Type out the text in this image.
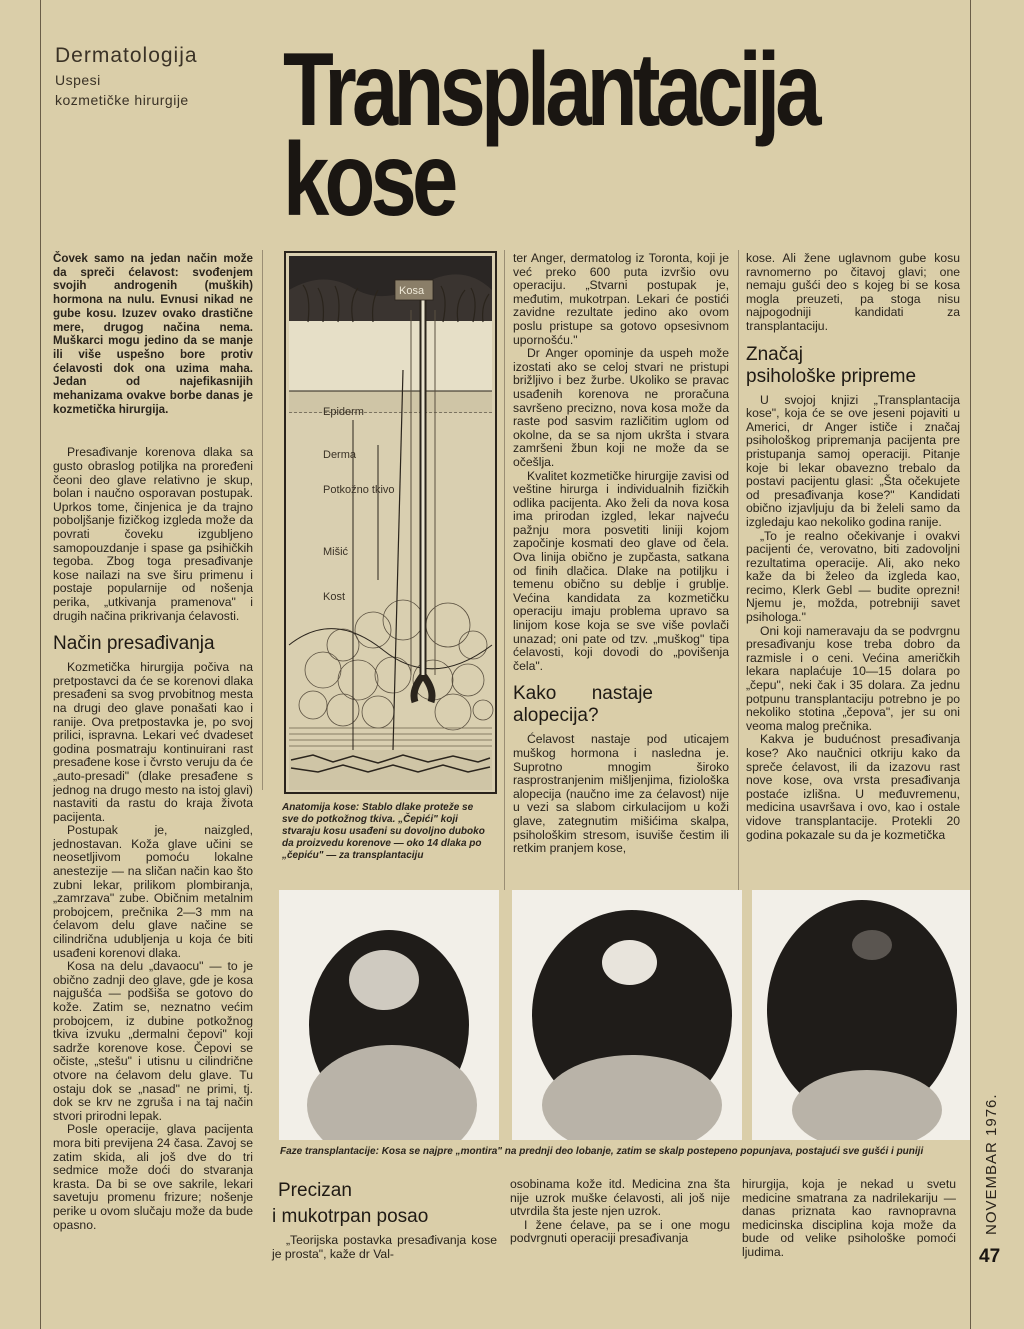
Dermatologija
Uspesi
kozmetičke hirurgije Transplantacija
kose

Čovek samo na jedan način može da spreči ćelavost: svođenjem svojih androgenih (muških) hormona na nulu. Evnusi nikad ne gube kosu. Izuzev ovako drastične mere, drugog načina nema. Muškarci mogu jedino da se manje ili više uspešno bore protiv ćelavosti dok ona uzima maha. Jedan od najefikasnijih mehanizama ovakve borbe danas je kozmetička hirurgija.

Presađivanje korenova dlaka sa gusto obraslog potiljka na proređeni čeoni deo glave relativno je skup, bolan i naučno osporavan postupak. Uprkos tome, činjenica je da trajno poboljšanje fizičkog izgleda može da povrati čoveku izgubljeno samopouzdanje i spase ga psihičkih tegoba. Zbog toga presađivanje kose nailazi na sve širu primenu i postaje popularnije od nošenja perika, „utkivanja pramenova" i drugih načina prikrivanja ćelavosti.

Način presađivanja

Kozmetička hirurgija počiva na pretpostavci da će se korenovi dlaka presađeni sa svog prvobitnog mesta na drugi deo glave ponašati kao i ranije. Ova pretpostavka je, po svoj prilici, ispravna. Lekari već dvadeset godina posmatraju kontinuirani rast presađene kose i čvrsto veruju da će „auto-presadi" (dlake presađene s jednog na drugo mesto na istoj glavi) nastaviti da rastu do kraja života pacijenta.

Postupak je, naizgled, jednostavan. Koža glave učini se neosetljivom pomoću lokalne anestezije — na sličan način kao što zubni lekar, prilikom plombiranja, „zamrzava" zube. Običnim metalnim probojcem, prečnika 2—3 mm na ćelavom delu glave načine se cilindrična udubljenja u koja će biti usađeni korenovi dlaka.

Kosa na delu „davaocu" — to je obično zadnji deo glave, gde je kosa najgušća — podšiša se gotovo do kože. Zatim se, neznatno većim probojcem, iz dubine potkožnog tkiva izvuku „dermalni čepovi" koji sadrže korenove kose. Čepovi se očiste, „stešu" i utisnu u cilindrične otvore na ćelavom delu glave. Tu ostaju dok se „nasad" ne primi, tj. dok se krv ne zgruša i na taj način stvori prirodni lepak.

Posle operacije, glava pacijenta mora biti previjena 24 časa. Zavoj se zatim skida, ali još dve do tri sedmice može doći do stvaranja krasta. Da bi se ove sakrile, lekari savetuju promenu frizure; nošenje perike u ovom slučaju može da bude opasno.

Kosa
Epiderm
Derma
Potkožno tkivo
Mišić
Kost
Anatomija kose: Stablo dlake proteže se sve do potkožnog tkiva. „Čepići" koji stvaraju kosu usađeni su dovoljno duboko da proizvedu korenove — oko 14 dlaka po „čepiću" — za transplantaciju

ter Anger, dermatolog iz Toronta, koji je već preko 600 puta izvršio ovu operaciju. „Stvarni postupak je, međutim, mukotrpan. Lekari će postići zavidne rezultate jedino ako ovom poslu pristupe sa gotovo opsesivnom upornošću."

Dr Anger opominje da uspeh može izostati ako se celoj stvari ne pristupi brižljivo i bez žurbe. Ukoliko se pravac usađenih korenova ne proračuna savršeno precizno, nova kosa može da raste pod sasvim različitim uglom od okolne, da se sa njom ukršta i stvara zamršeni žbun koji ne može da se očešlja.

Kvalitet kozmetičke hirurgije zavisi od veštine hirurga i individualnih fizičkih odlika pacijenta. Ako želi da nova kosa ima prirodan izgled, lekar najveću pažnju mora posvetiti liniji kojom započinje kosmati deo glave od čela. Ova linija obično je zupčasta, satkana od finih dlačica. Dlake na potiljku i temenu obično su deblje i grublje. Većina kandidata za kozmetičku operaciju imaju problema upravo sa linijom kose koja se sve više povlači unazad; oni pate od tzv. „muškog" tipa ćelavosti, koji dovodi do „povišenja čela".

Kako nastaje alopecija?

Ćelavost nastaje pod uticajem muškog hormona i nasledna je. Suprotno mnogim široko rasprostranjenim mišljenjima, fiziološka alopecija (naučno ime za ćelavost) nije u vezi sa slabom cirkulacijom u koži glave, zategnutim mišićima skalpa, psihološkim stresom, isuviše čestim ili retkim pranjem kose,

kose. Ali žene uglavnom gube kosu ravnomerno po čitavoj glavi; one nemaju gušći deo s kojeg bi se kosa mogla preuzeti, pa stoga nisu najpogodniji kandidati za transplantaciju.

Značaj
psihološke pripreme

U svojoj knjizi „Transplantacija kose", koja će se ove jeseni pojaviti u Americi, dr Anger ističe i značaj psihološkog pripremanja pacijenta pre pristupanja samoj operaciji. Pitanje koje bi lekar obavezno trebalo da postavi pacijentu glasi: „Šta očekujete od presađivanja kose?" Kandidati obično izjavljuju da bi želeli samo da izgledaju kao nekoliko godina ranije.

„To je realno očekivanje i ovakvi pacijenti će, verovatno, biti zadovoljni rezultatima operacije. Ali, ako neko kaže da bi želeo da izgleda kao, recimo, Klerk Gebl — budite oprezni! Njemu je, možda, potrebniji savet psihologa."

Oni koji nameravaju da se podvrgnu presađivanju kose treba dobro da razmisle i o ceni. Većina američkih lekara naplaćuje 10—15 dolara po „čepu", neki čak i 35 dolara. Za jednu potpunu transplantaciju potrebno je po nekoliko stotina „čepova", jer su oni veoma malog prečnika.

Kakva je budućnost presađivanja kose? Ako naučnici otkriju kako da spreče ćelavost, ili da izazovu rast nove kose, ova vrsta presađivanja postaće izlišna. U međuvremenu, medicina usavršava i ovo, kao i ostale vidove transplantacije. Protekli 20 godina pokazale su da je kozmetička

Faze transplantacije: Kosa se najpre „montira" na prednji deo lobanje, zatim se skalp postepeno popunjava, postajući sve gušći i puniji
Precizan
i mukotrpan posao

„Teorijska postavka presađivanja kose je prosta", kaže dr Val-

osobinama kože itd. Medicina zna šta nije uzrok muške ćelavosti, ali još nije utvrdila šta jeste njen uzrok.

I žene ćelave, pa se i one mogu podvrgnuti operaciji presađivanja

hirurgija, koja je nekad u svetu medicine smatrana za nadrilekariju — danas priznata kao ravnopravna medicinska disciplina koja može da bude od velike psihološke pomoći ljudima.

NOVEMBAR 1976.
47
